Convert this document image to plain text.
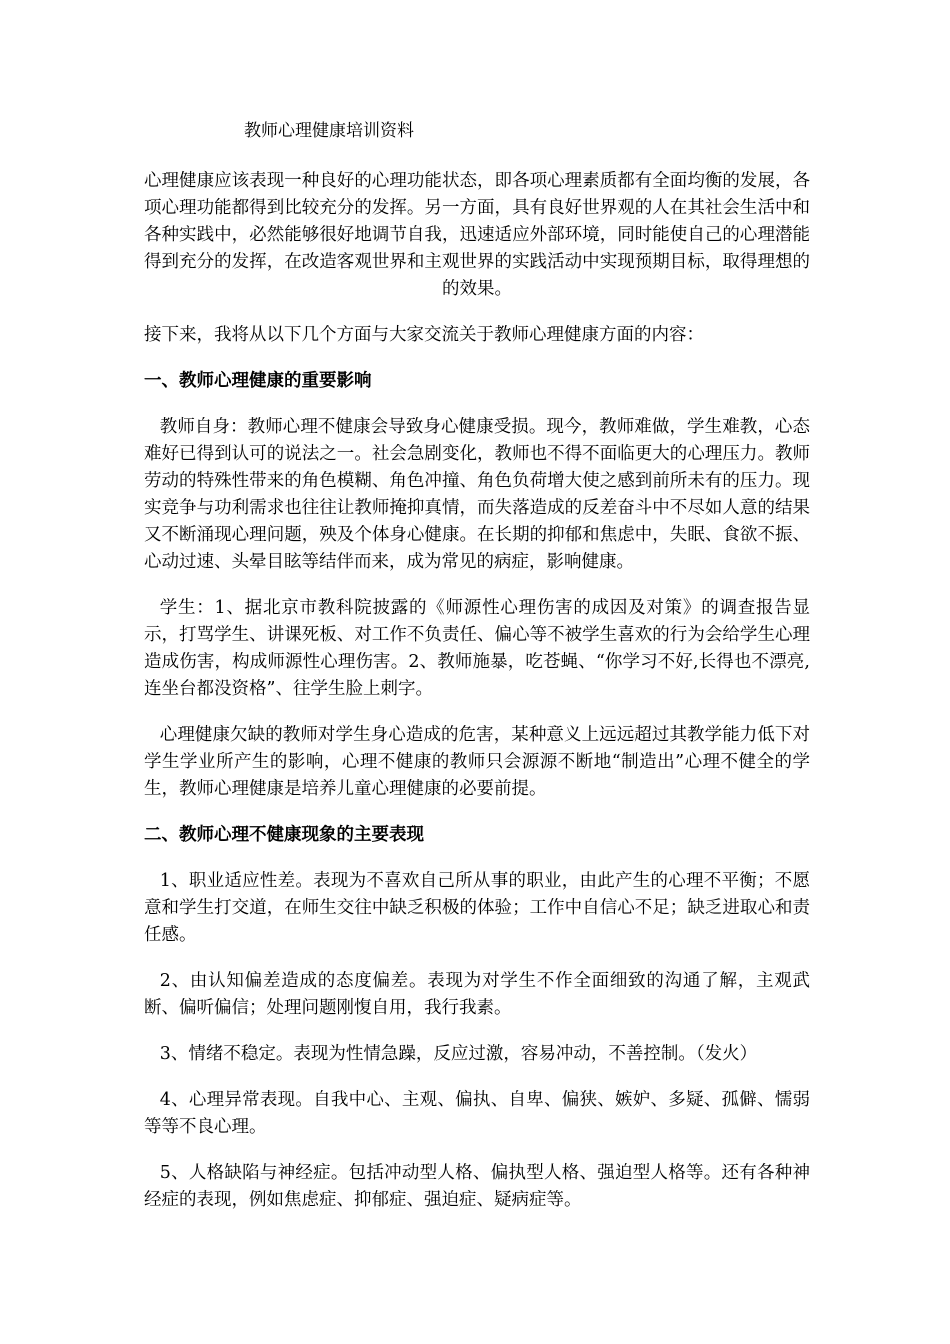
教师心理健康培训资料

心理健康应该表现一种良好的心理功能状态，即各项心理素质都有全面均衡的发展，各项心理功能都得到比较充分的发挥。另一方面，具有良好世界观的人在其社会生活中和各种实践中，必然能够很好地调节自我，迅速适应外部环境，同时能使自己的心理潜能得到充分的发挥，在改造客观世界和主观世界的实践活动中实现预期目标，取得理想的的效果。

接下来，我将从以下几个方面与大家交流关于教师心理健康方面的内容：

一、教师心理健康的重要影响

教师自身：教师心理不健康会导致身心健康受损。现今，教师难做，学生难教，心态难好已得到认可的说法之一。社会急剧变化，教师也不得不面临更大的心理压力。教师劳动的特殊性带来的角色模糊、角色冲撞、角色负荷增大使之感到前所未有的压力。现实竞争与功利需求也往往让教师掩抑真情，而失落造成的反差奋斗中不尽如人意的结果又不断涌现心理问题，殃及个体身心健康。在长期的抑郁和焦虑中，失眠、食欲不振、心动过速、头晕目眩等结伴而来，成为常见的病症，影响健康。

学生：1、据北京市教科院披露的《师源性心理伤害的成因及对策》的调查报告显示，打骂学生、讲课死板、对工作不负责任、偏心等不被学生喜欢的行为会给学生心理造成伤害，构成师源性心理伤害。2、教师施暴，吃苍蝇、“你学习不好,长得也不漂亮,连坐台都没资格”、往学生脸上刺字。

心理健康欠缺的教师对学生身心造成的危害，某种意义上远远超过其教学能力低下对学生学业所产生的影响，心理不健康的教师只会源源不断地“制造出”心理不健全的学生，教师心理健康是培养儿童心理健康的必要前提。

二、教师心理不健康现象的主要表现

1、职业适应性差。表现为不喜欢自己所从事的职业，由此产生的心理不平衡；不愿意和学生打交道，在师生交往中缺乏积极的体验；工作中自信心不足；缺乏进取心和责任感。

2、由认知偏差造成的态度偏差。表现为对学生不作全面细致的沟通了解，主观武断、偏听偏信；处理问题刚愎自用，我行我素。

3、情绪不稳定。表现为性情急躁，反应过激，容易冲动，不善控制。（发火）

4、心理异常表现。自我中心、主观、偏执、自卑、偏狭、嫉妒、多疑、孤僻、懦弱等等不良心理。

5、人格缺陷与神经症。包括冲动型人格、偏执型人格、强迫型人格等。还有各种神经症的表现，例如焦虑症、抑郁症、强迫症、疑病症等。
